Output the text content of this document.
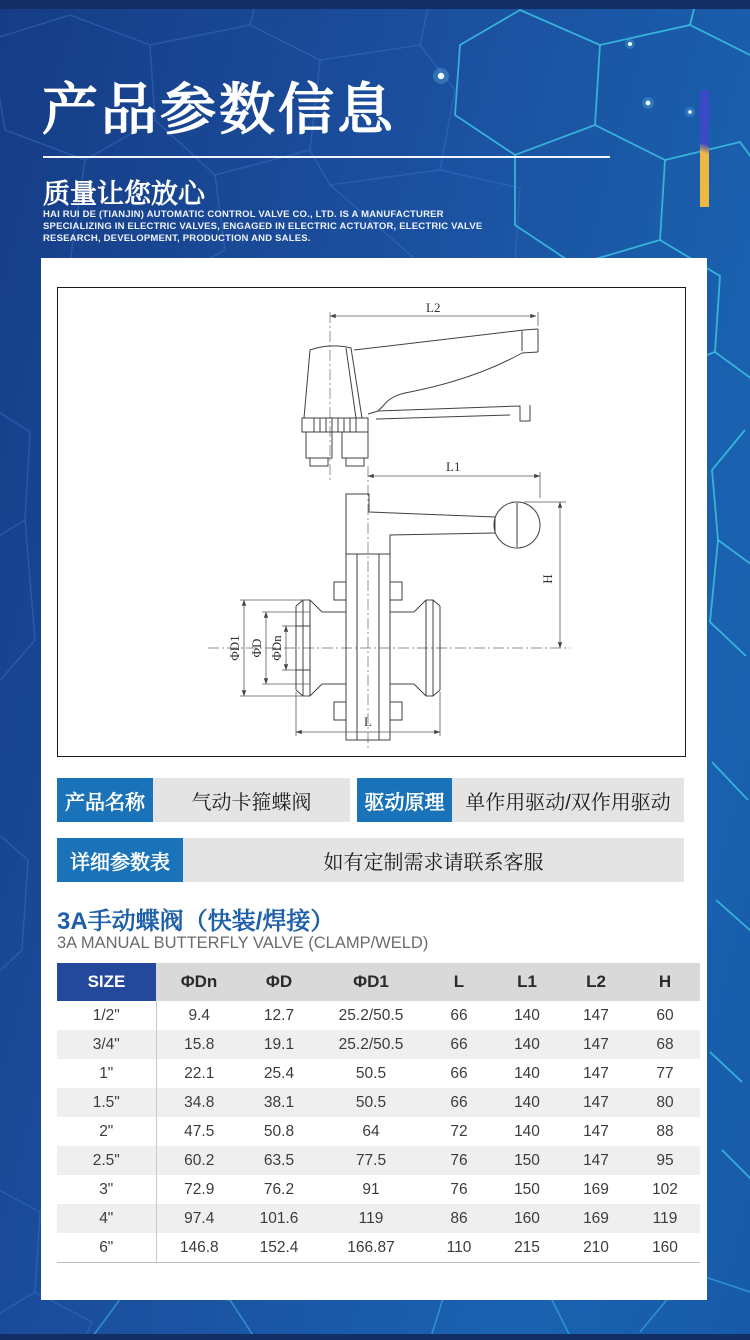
产品参数信息
质量让您放心
HAI RUI DE (TIANJIN) AUTOMATIC CONTROL VALVE CO., LTD. IS A MANUFACTURER
SPECIALIZING IN ELECTRIC VALVES, ENGAGED IN ELECTRIC ACTUATOR, ELECTRIC VALVE
RESEARCH, DEVELOPMENT, PRODUCTION AND SALES.
L2
L1
H
ΦD1 ΦD ΦDn
L
产品名称	气动卡箍蝶阀	驱动原理	单作用驱动/双作用驱动
详细参数表	如有定制需求请联系客服
3A手动蝶阀（快装/焊接）
3A MANUAL BUTTERFLY VALVE (CLAMP/WELD)
SIZE	ΦDn	ΦD	ΦD1	L	L1	L2	H
1/2"	9.4	12.7	25.2/50.5	66	140	147	60
3/4"	15.8	19.1	25.2/50.5	66	140	147	68
1"	22.1	25.4	50.5	66	140	147	77
1.5"	34.8	38.1	50.5	66	140	147	80
2"	47.5	50.8	64	72	140	147	88
2.5"	60.2	63.5	77.5	76	150	147	95
3"	72.9	76.2	91	76	150	169	102
4"	97.4	101.6	119	86	160	169	119
6"	146.8	152.4	166.87	110	215	210	160
